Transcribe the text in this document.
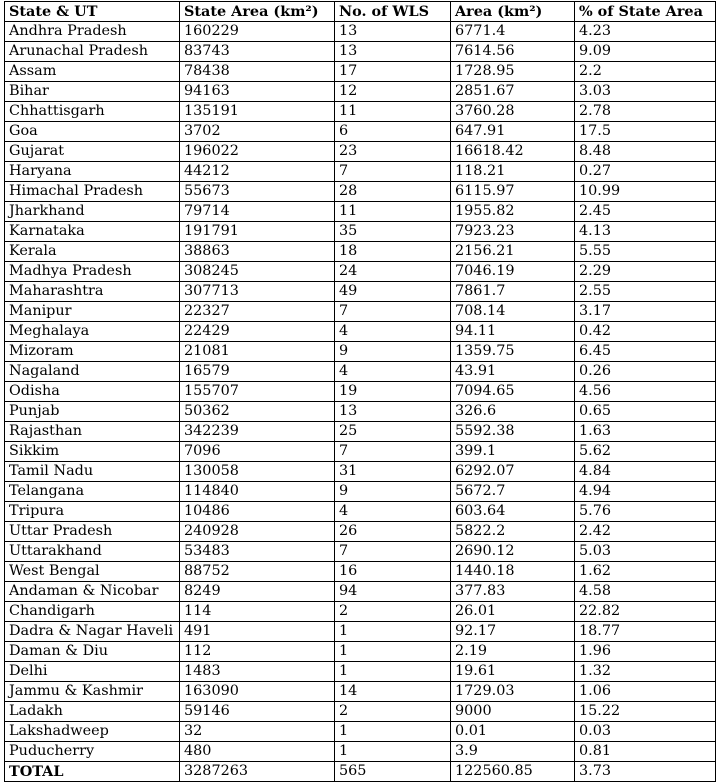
State & UT	State Area (km²)	No. of WLS	Area (km²)	% of State Area
Andhra Pradesh	160229	13	6771.4	4.23
Arunachal Pradesh	83743	13	7614.56	9.09
Assam	78438	17	1728.95	2.2
Bihar	94163	12	2851.67	3.03
Chhattisgarh	135191	11	3760.28	2.78
Goa	3702	6	647.91	17.5
Gujarat	196022	23	16618.42	8.48
Haryana	44212	7	118.21	0.27
Himachal Pradesh	55673	28	6115.97	10.99
Jharkhand	79714	11	1955.82	2.45
Karnataka	191791	35	7923.23	4.13
Kerala	38863	18	2156.21	5.55
Madhya Pradesh	308245	24	7046.19	2.29
Maharashtra	307713	49	7861.7	2.55
Manipur	22327	7	708.14	3.17
Meghalaya	22429	4	94.11	0.42
Mizoram	21081	9	1359.75	6.45
Nagaland	16579	4	43.91	0.26
Odisha	155707	19	7094.65	4.56
Punjab	50362	13	326.6	0.65
Rajasthan	342239	25	5592.38	1.63
Sikkim	7096	7	399.1	5.62
Tamil Nadu	130058	31	6292.07	4.84
Telangana	114840	9	5672.7	4.94
Tripura	10486	4	603.64	5.76
Uttar Pradesh	240928	26	5822.2	2.42
Uttarakhand	53483	7	2690.12	5.03
West Bengal	88752	16	1440.18	1.62
Andaman & Nicobar	8249	94	377.83	4.58
Chandigarh	114	2	26.01	22.82
Dadra & Nagar Haveli	491	1	92.17	18.77
Daman & Diu	112	1	2.19	1.96
Delhi	1483	1	19.61	1.32
Jammu & Kashmir	163090	14	1729.03	1.06
Ladakh	59146	2	9000	15.22
Lakshadweep	32	1	0.01	0.03
Puducherry	480	1	3.9	0.81
TOTAL	3287263	565	122560.85	3.73
